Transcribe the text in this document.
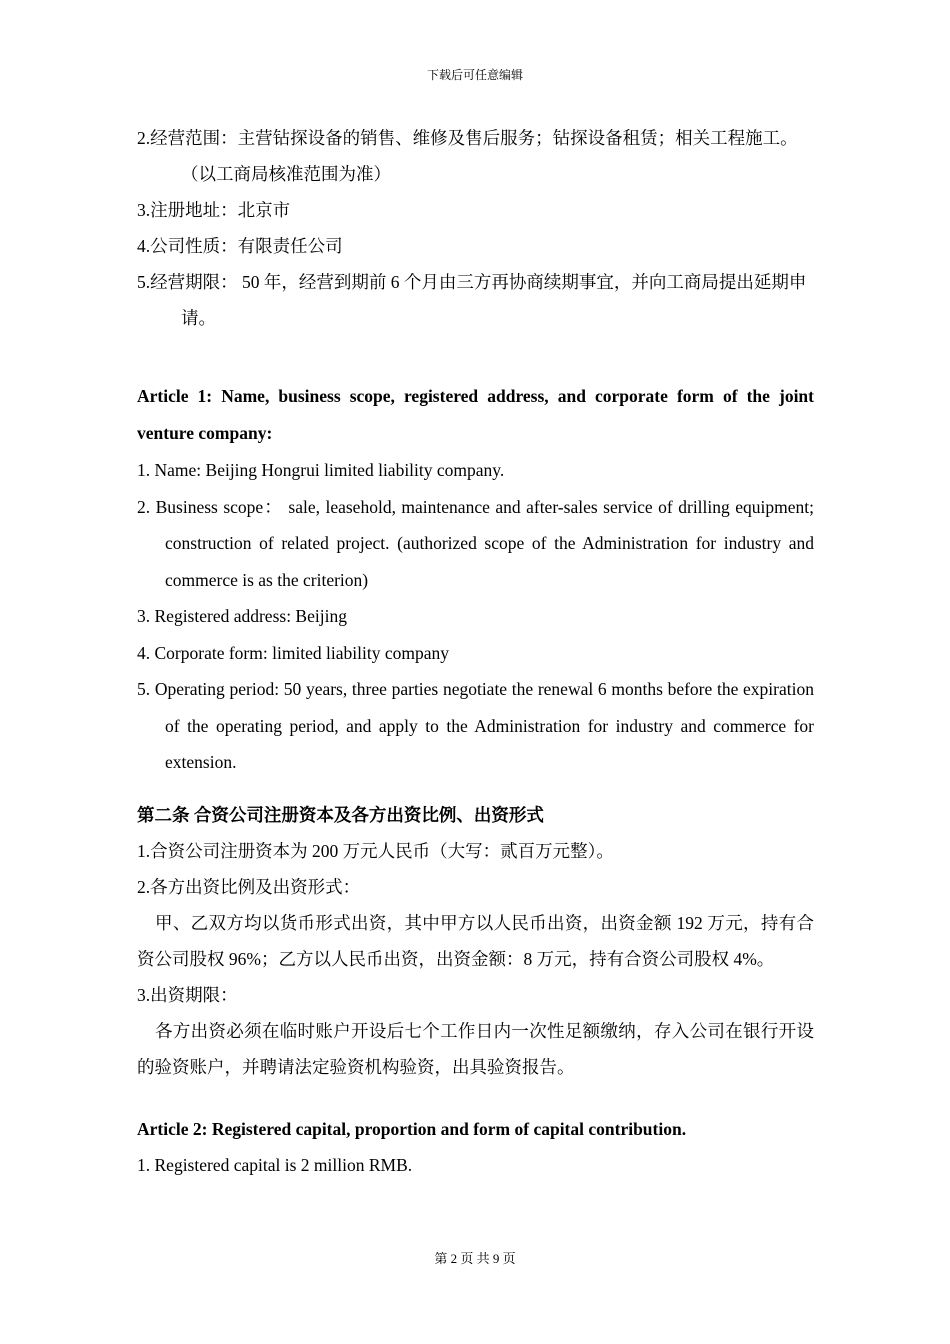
下载后可任意编辑

2.经营范围：主营钻探设备的销售、维修及售后服务；钻探设备租赁；相关工程施工。（以工商局核准范围为准）

3.注册地址：北京市

4.公司性质：有限责任公司

5.经营期限： 50 年，经营到期前 6 个月由三方再协商续期事宜，并向工商局提出延期申请。

Article 1: Name, business scope, registered address, and corporate form of the joint venture company:

1. Name: Beijing Hongrui limited liability company.

2. Business scope： sale, leasehold, maintenance and after-sales service of drilling equipment; construction of related project. (authorized scope of the Administration for industry and commerce is as the criterion)

3. Registered address: Beijing

4. Corporate form: limited liability company

5. Operating period: 50 years, three parties negotiate the renewal 6 months before the expiration of the operating period, and apply to the Administration for industry and commerce for extension.

第二条 合资公司注册资本及各方出资比例、出资形式

1.合资公司注册资本为 200 万元人民币（大写：贰百万元整）。

2.各方出资比例及出资形式：

甲、乙双方均以货币形式出资，其中甲方以人民币出资，出资金额 192 万元，持有合资公司股权 96%；乙方以人民币出资，出资金额：8 万元，持有合资公司股权 4%。

3.出资期限：

各方出资必须在临时账户开设后七个工作日内一次性足额缴纳，存入公司在银行开设的验资账户，并聘请法定验资机构验资，出具验资报告。

Article 2: Registered capital, proportion and form of capital contribution.

1. Registered capital is 2 million RMB.

第 2 页 共 9 页
